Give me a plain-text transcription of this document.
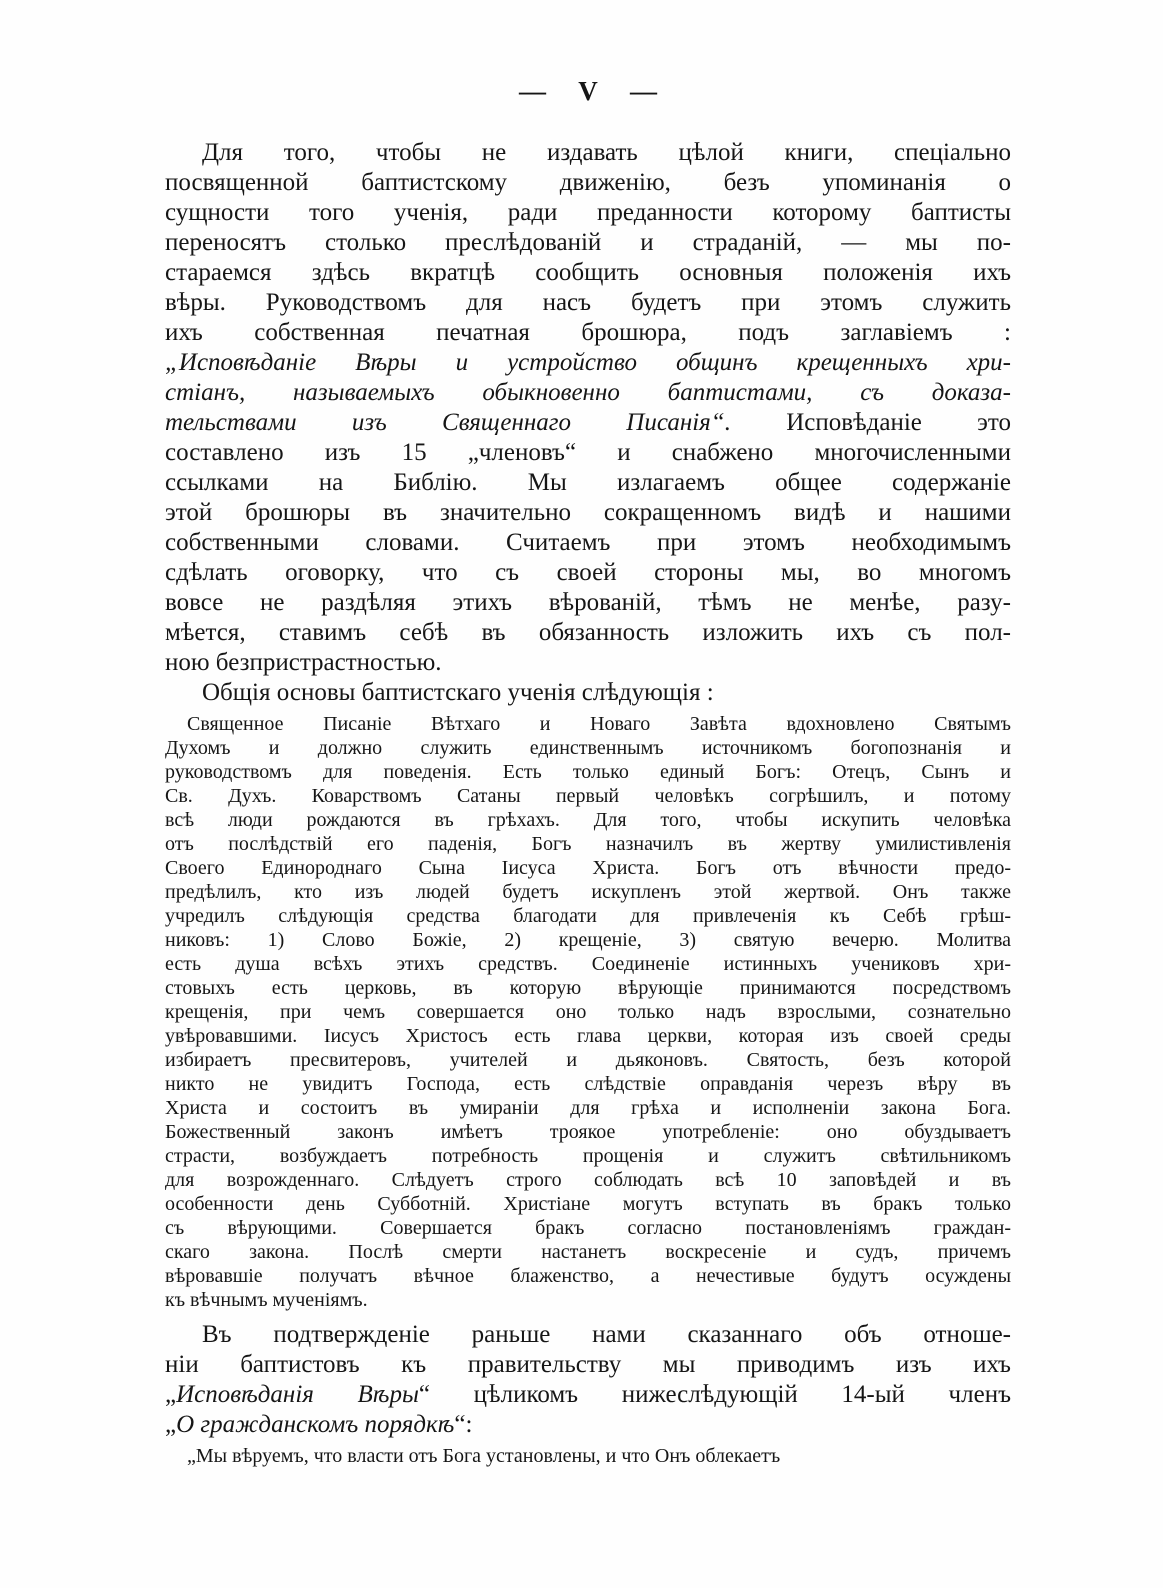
— V —
Для того, чтобы не издавать цѣлой книги, спеціально
посвященной баптистскому движенію, безъ упоминанія о
сущности того ученія, ради преданности которому баптисты
переносятъ столько преслѣдованій и страданій, — мы по-
стараемся здѣсь вкратцѣ сообщить основныя положенія ихъ
вѣры. Руководствомъ для насъ будетъ при этомъ служить
ихъ собственная печатная брошюра, подъ заглавіемъ :
„Исповѣданіе Вѣры и устройство общинъ крещенныхъ хри-
стіанъ, называемыхъ обыкновенно баптистами, съ доказа-
тельствами изъ Священнаго Писанія“. Исповѣданіе это
составлено изъ 15 „членовъ“ и снабжено многочисленными
ссылками на Библію. Мы излагаемъ общее содержаніе
этой брошюры въ значительно сокращенномъ видѣ и нашими
собственными словами. Считаемъ при этомъ необходимымъ
сдѣлать оговорку, что съ своей стороны мы, во многомъ
вовсе не раздѣляя этихъ вѣрованій, тѣмъ не менѣе, разу-
мѣется, ставимъ себѣ въ обязанность изложить ихъ съ пол-
ною безпристрастностью.
Общія основы баптистскаго ученія слѣдующія :
Священное Писаніе Вѣтхаго и Новаго Завѣта вдохновлено Святымъ
Духомъ и должно служить единственнымъ источникомъ богопознанія и
руководствомъ для поведенія. Есть только единый Богъ: Отецъ, Сынъ и
Св. Духъ. Коварствомъ Сатаны первый человѣкъ согрѣшилъ, и потому
всѣ люди рождаются въ грѣхахъ. Для того, чтобы искупить человѣка
отъ послѣдствій его паденія, Богъ назначилъ въ жертву умилистивленія
Своего Единороднаго Сына Іисуса Христа. Богъ отъ вѣчности предо-
предѣлилъ, кто изъ людей будетъ искупленъ этой жертвой. Онъ также
учредилъ слѣдующія средства благодати для привлеченія къ Себѣ грѣш-
никовъ: 1) Слово Божіе, 2) крещеніе, 3) святую вечерю. Молитва
есть душа всѣхъ этихъ средствъ. Соединеніе истинныхъ учениковъ хри-
стовыхъ есть церковь, въ которую вѣрующіе принимаются посредствомъ
крещенія, при чемъ совершается оно только надъ взрослыми, сознательно
увѣровавшими. Іисусъ Христосъ есть глава церкви, которая изъ своей среды
избираетъ пресвитеровъ, учителей и дьяконовъ. Святость, безъ которой
никто не увидитъ Господа, есть слѣдствіе оправданія черезъ вѣру въ
Христа и состоитъ въ умираніи для грѣха и исполненіи закона Бога.
Божественный законъ имѣетъ троякое употребленіе: оно обуздываетъ
страсти, возбуждаетъ потребность прощенія и служитъ свѣтильникомъ
для возрожденнаго. Слѣдуетъ строго соблюдать всѣ 10 заповѣдей и въ
особенности день Субботній. Христіане могутъ вступать въ бракъ только
съ вѣрующими. Совершается бракъ согласно постановленіямъ граждан-
скаго закона. Послѣ смерти настанетъ воскресеніе и судъ, причемъ
вѣровавшіе получатъ вѣчное блаженство, а нечестивые будутъ осуждены
къ вѣчнымъ мученіямъ.
Въ подтвержденіе раньше нами сказаннаго объ отноше-
ніи баптистовъ къ правительству мы приводимъ изъ ихъ
„Исповѣданія Вѣры“ цѣликомъ нижеслѣдующій 14-ый членъ
„О гражданскомъ порядкѣ“:
„Мы вѣруемъ, что власти отъ Бога установлены, и что Онъ облекаетъ
